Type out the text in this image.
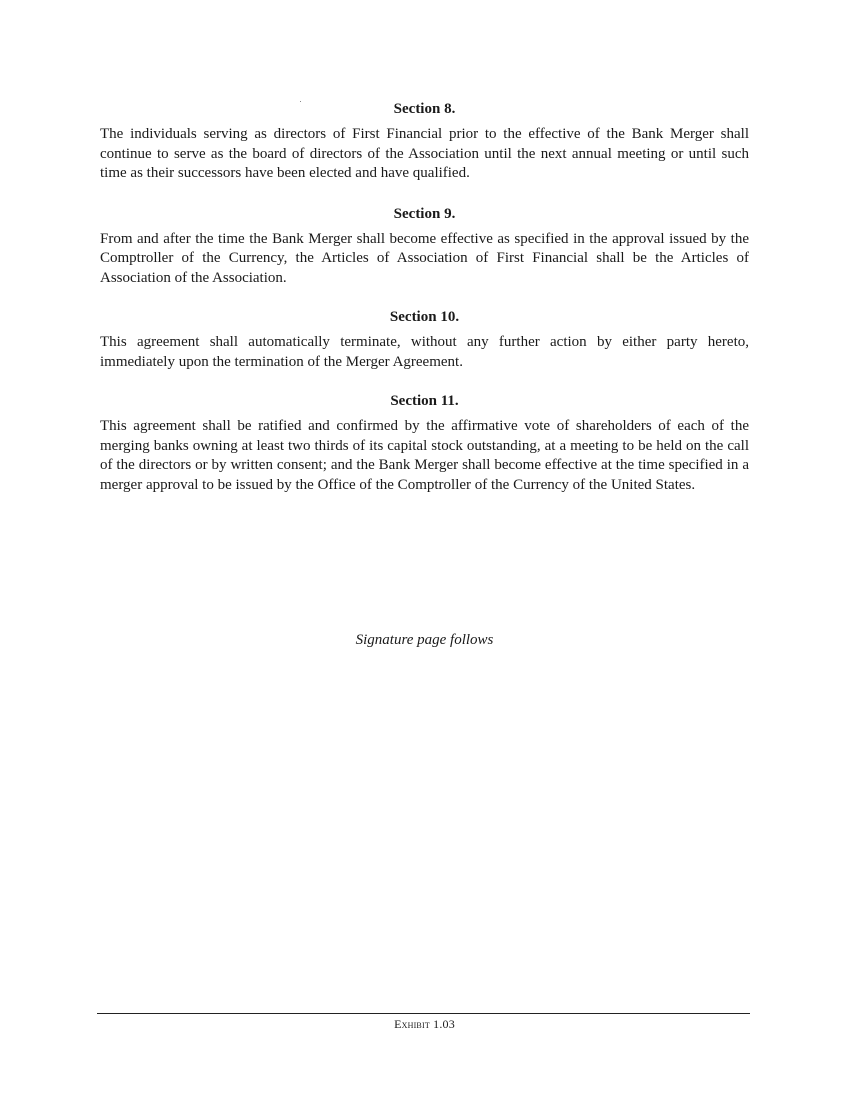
Section 8.

The individuals serving as directors of First Financial prior to the effective of the Bank Merger shall continue to serve as the board of directors of the Association until the next annual meeting or until such time as their successors have been elected and have qualified.

Section 9.

From and after the time the Bank Merger shall become effective as specified in the approval issued by the Comptroller of the Currency, the Articles of Association of First Financial shall be the Articles of Association of the Association.

Section 10.

This agreement shall automatically terminate, without any further action by either party hereto, immediately upon the termination of the Merger Agreement.

Section 11.

This agreement shall be ratified and confirmed by the affirmative vote of shareholders of each of the merging banks owning at least two thirds of its capital stock outstanding, at a meeting to be held on the call of the directors or by written consent; and the Bank Merger shall become effective at the time specified in a merger approval to be issued by the Office of the Comptroller of the Currency of the United States.

Signature page follows
Exhibit 1.03
